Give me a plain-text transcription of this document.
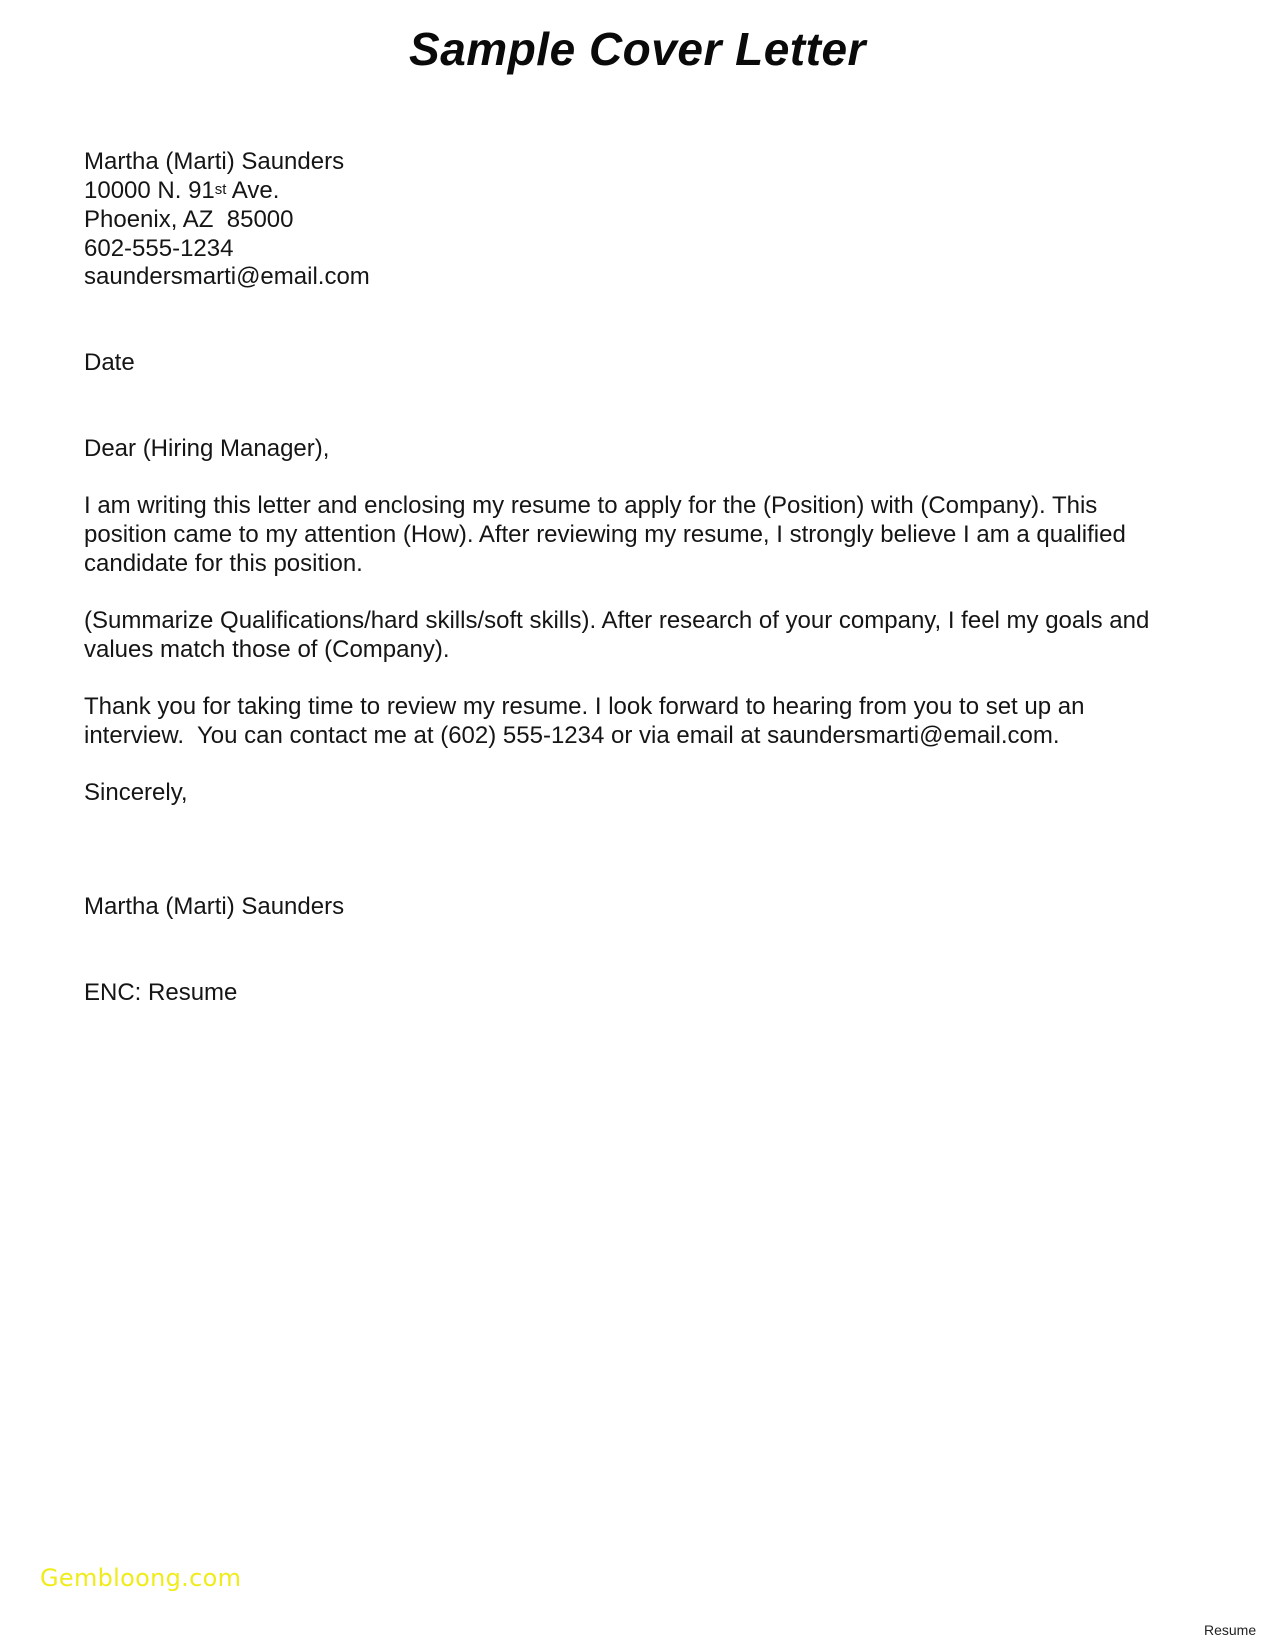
Sample Cover Letter
Martha (Marti) Saunders
10000 N. 91st Ave.
Phoenix, AZ  85000
602-555-1234
saundersmarti@email.com
Date
Dear (Hiring Manager),
I am writing this letter and enclosing my resume to apply for the (Position) with (Company). This
position came to my attention (How). After reviewing my resume, I strongly believe I am a qualified
candidate for this position.
(Summarize Qualifications/hard skills/soft skills). After research of your company, I feel my goals and
values match those of (Company).
Thank you for taking time to review my resume. I look forward to hearing from you to set up an
interview.  You can contact me at (602) 555-1234 or via email at saundersmarti@email.com.
Sincerely,
Martha (Marti) Saunders
ENC: Resume
Gembloong.com
Resume
